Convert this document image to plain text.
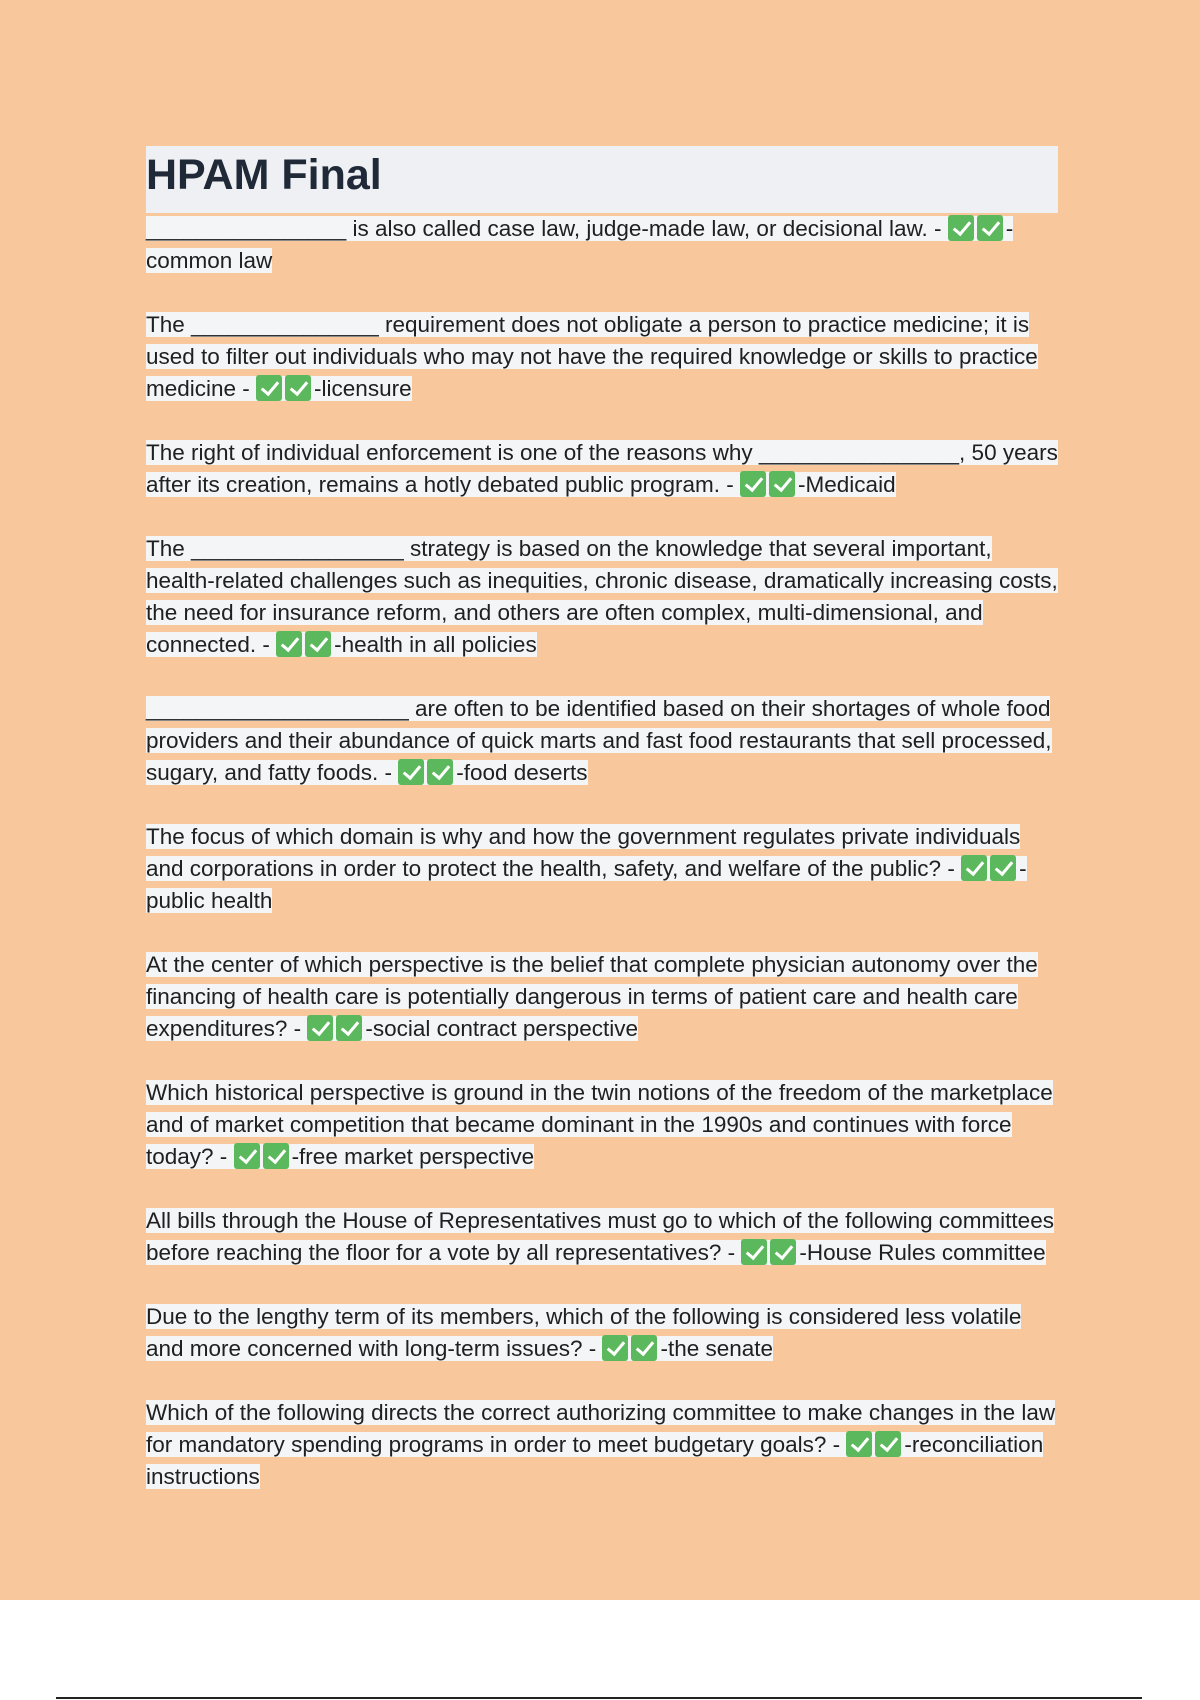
HPAM Final

________________ is also called case law, judge-made law, or decisional law. -	-common law

The _______________ requirement does not obligate a person to practice medicine; it is used to filter out individuals who may not have the required knowledge or skills to practice medicine -	-licensure

The right of individual enforcement is one of the reasons why ________________, 50 years after its creation, remains a hotly debated public program. -	-Medicaid

The _________________ strategy is based on the knowledge that several important, health-related challenges such as inequities, chronic disease, dramatically increasing costs, the need for insurance reform, and others are often complex, multi-dimensional, and connected. -	-health in all policies

_____________________ are often to be identified based on their shortages of whole food providers and their abundance of quick marts and fast food restaurants that sell processed, sugary, and fatty foods. -	-food deserts

The focus of which domain is why and how the government regulates private individuals and corporations in order to protect the health, safety, and welfare of the public? -	-public health

At the center of which perspective is the belief that complete physician autonomy over the financing of health care is potentially dangerous in terms of patient care and health care expenditures? -	-social contract perspective

Which historical perspective is ground in the twin notions of the freedom of the marketplace and of market competition that became dominant in the 1990s and continues with force today? -	-free market perspective

All bills through the House of Representatives must go to which of the following committees before reaching the floor for a vote by all representatives? -	-House Rules committee

Due to the lengthy term of its members, which of the following is considered less volatile and more concerned with long-term issues? -	-the senate

Which of the following directs the correct authorizing committee to make changes in the law for mandatory spending programs in order to meet budgetary goals? -	-reconciliation instructions
